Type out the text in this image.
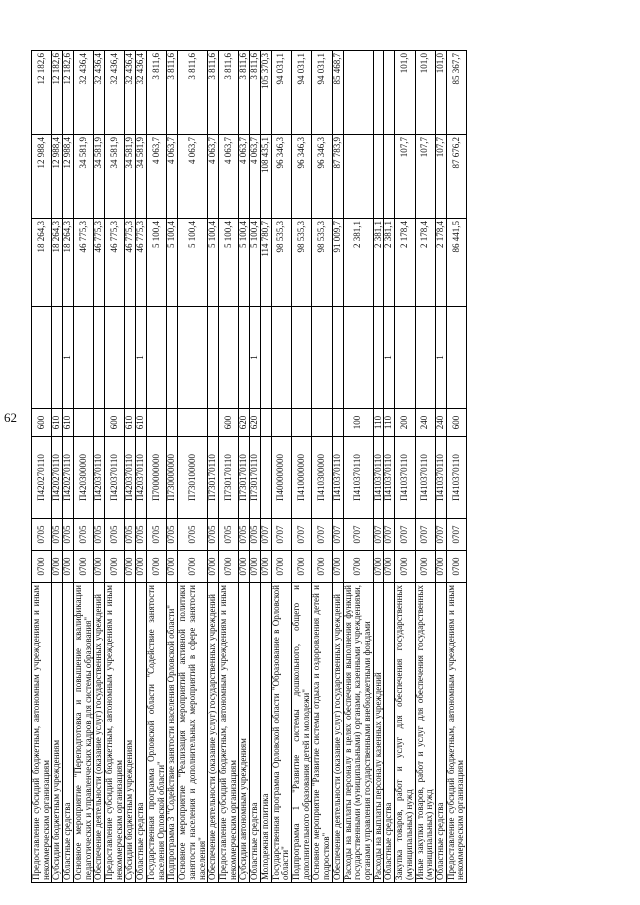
62
Предоставление субсидий бюджетным, автономным учреждениям и иным некоммерческим организациям	0700	0705	П420270110	600		18 264,3	12 988,4	12 182,6
Субсидии бюджетным учреждениям	0700	0705	П420270110	610		18 264,3	12 988,4	12 182,6
Областные средства	0700	0705	П420270110	610	1	18 264,3	12 988,4	12 182,6
Основное мероприятие "Переподготовка и повышение квалификации педагогических и управленческих кадров для системы образования"	0700	0705	П420300000			46 775,3	34 581,9	32 436,4
Обеспечение деятельности (оказание услуг) государственных учреждений	0700	0705	П420370110			46 775,3	34 581,9	32 436,4
Предоставление субсидий бюджетным, автономным учреждениям и иным некоммерческим организациям	0700	0705	П420370110	600		46 775,3	34 581,9	32 436,4
Субсидии бюджетным учреждениям	0700	0705	П420370110	610		46 775,3	34 581,9	32 436,4
Областные средства	0700	0705	П420370110	610	1	46 775,3	34 581,9	32 436,4
Государственная программа Орловской области "Содействие занятости населения Орловской области"	0700	0705	П700000000			5 100,4	4 063,7	3 811,6
Подпрограмма 3 "Содействие занятости населения Орловской области"	0700	0705	П730000000			5 100,4	4 063,7	3 811,6
Основное мероприятие "Реализация мероприятий активной политики занятости населения и дополнительных мероприятий в сфере занятости населения"	0700	0705	П730100000			5 100,4	4 063,7	3 811,6
Обеспечение деятельности (оказание услуг) государственных учреждений	0700	0705	П730170110			5 100,4	4 063,7	3 811,6
Предоставление субсидий бюджетным, автономным учреждениям и иным некоммерческим организациям	0700	0705	П730170110	600		5 100,4	4 063,7	3 811,6
Субсидии автономным учреждениям	0700	0705	П730170110	620		5 100,4	4 063,7	3 811,6
Областные средства	0700	0705	П730170110	620	1	5 100,4	4 063,7	3 811,6
Молодежная политика	0700	0707				114 780,7	108 435,1	105 370,3
Государственная программа Орловской области "Образование в Орловской области"	0700	0707	П400000000			98 535,3	96 346,3	94 031,1
Подпрограмма 1 "Развитие системы дошкольного, общего и дополнительного образования детей и молодежи"	0700	0707	П410000000			98 535,3	96 346,3	94 031,1
Основное мероприятие "Развитие системы отдыха и оздоровления детей и подростков"	0700	0707	П410300000			98 535,3	96 346,3	94 031,1
Обеспечение деятельности (оказание услуг) государственных учреждений	0700	0707	П410370110			91 009,7	87 783,9	85 468,7
Расходы на выплаты персоналу в целях обеспечения выполнения функций государственными (муниципальными) органами, казенными учреждениями, органами управления государственными внебюджетными фондами	0700	0707	П410370110	100		2 381,1		
Расходы на выплаты персоналу казенных учреждений	0700	0707	П410370110	110		2 381,1		
Областные средства	0700	0707	П410370110	110	1	2 381,1		
Закупка товаров, работ и услуг для обеспечения государственных (муниципальных) нужд	0700	0707	П410370110	200		2 178,4	107,7	101,0
Иные закупки товаров, работ и услуг для обеспечения государственных (муниципальных) нужд	0700	0707	П410370110	240		2 178,4	107,7	101,0
Областные средства	0700	0707	П410370110	240	1	2 178,4	107,7	101,0
Предоставление субсидий бюджетным, автономным учреждениям и иным некоммерческим организациям	0700	0707	П410370110	600		86 441,5	87 676,2	85 367,7
